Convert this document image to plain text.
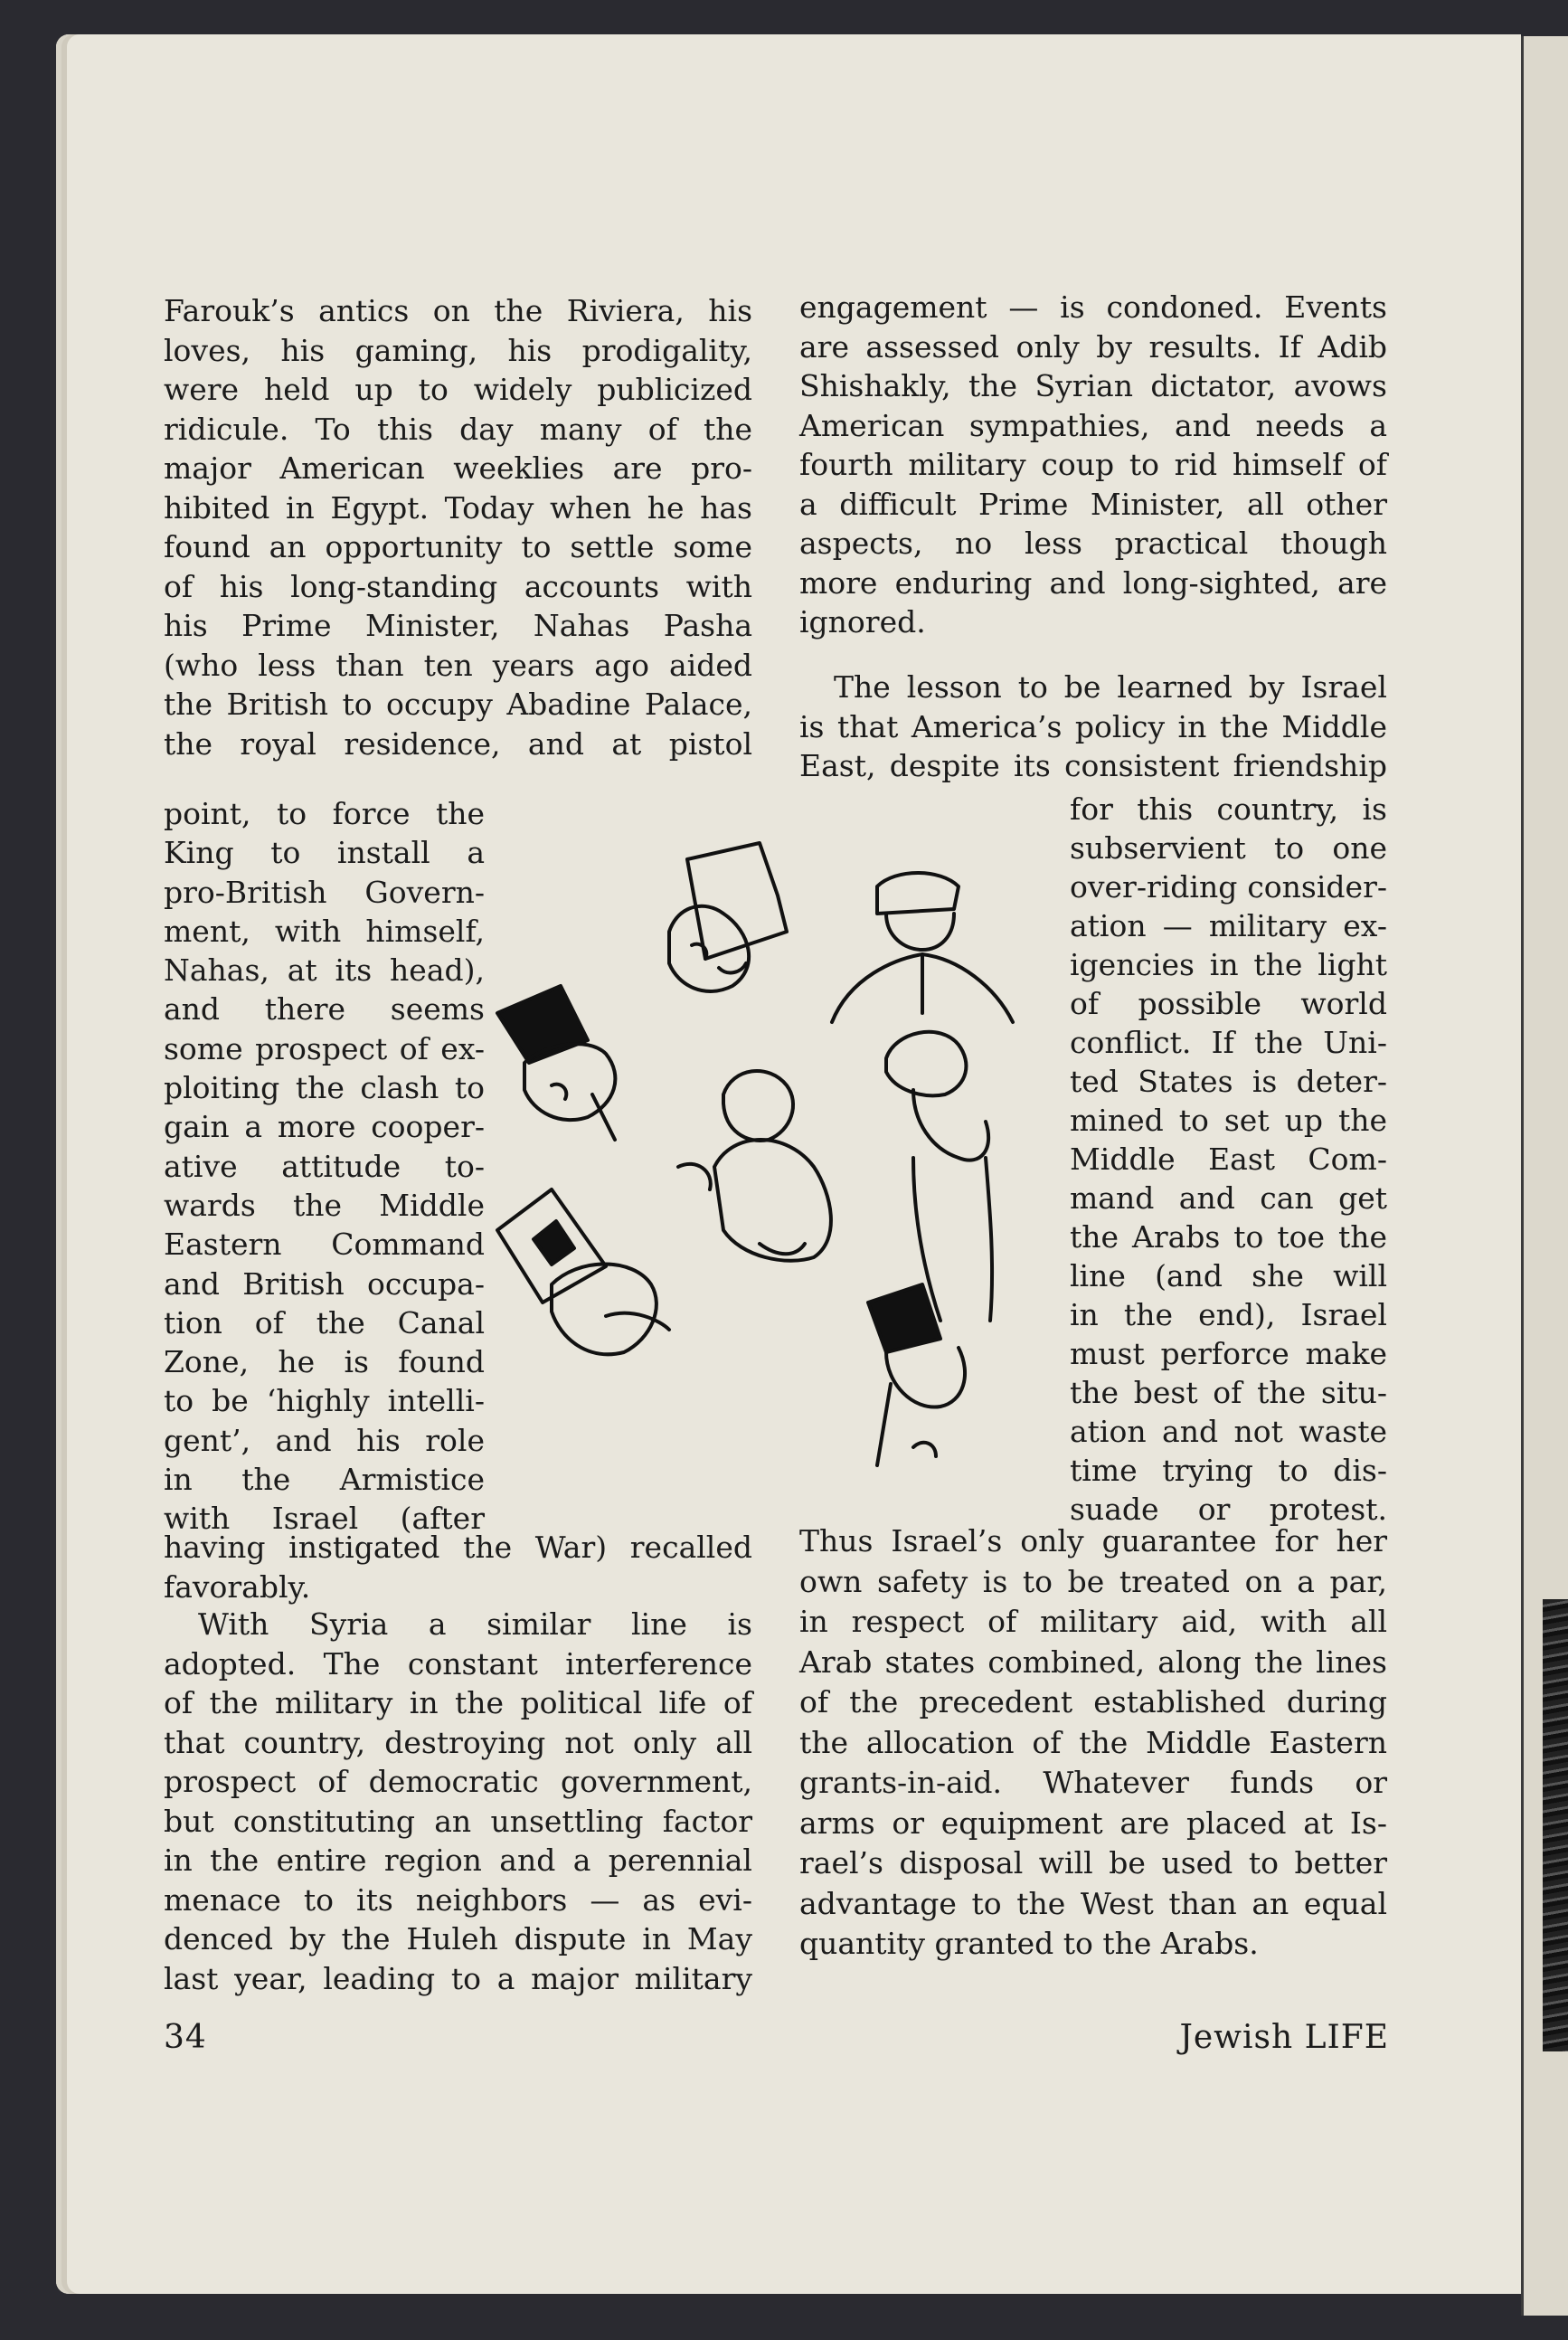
Farouk’s antics on the Riviera, his

loves, his gaming, his prodigality,

were held up to widely publicized

ridicule. To this day many of the

major American weeklies are pro-

hibited in Egypt. Today when he has

found an opportunity to settle some

of his long-standing accounts with

his Prime Minister, Nahas Pasha

(who less than ten years ago aided

the British to occupy Abadine Palace,

the royal residence, and at pistol

point, to force the

King to install a

pro-British Govern-

ment, with himself,

Nahas, at its head),

and there seems

some prospect of ex-

ploiting the clash to

gain a more cooper-

ative attitude to-

wards the Middle

Eastern Command

and British occupa-

tion of the Canal

Zone, he is found

to be ‘highly intelli-

gent’, and his role

in the Armistice

with Israel (after

having instigated the War) recalled

favorably.

With Syria a similar line is

adopted. The constant interference

of the military in the political life of

that country, destroying not only all

prospect of democratic government,

but constituting an unsettling factor

in the entire region and a perennial

menace to its neighbors — as evi-

denced by the Huleh dispute in May

last year, leading to a major military

engagement — is condoned. Events

are assessed only by results. If Adib

Shishakly, the Syrian dictator, avows

American sympathies, and needs a

fourth military coup to rid himself of

a difficult Prime Minister, all other

aspects, no less practical though

more enduring and long-sighted, are

ignored.

The lesson to be learned by Israel

is that America’s policy in the Middle

East, despite its consistent friendship

for this country, is

subservient to one

over-riding consider-

ation — military ex-

igencies in the light

of possible world

conflict. If the Uni-

ted States is deter-

mined to set up the

Middle East Com-

mand and can get

the Arabs to toe the

line (and she will

in the end), Israel

must perforce make

the best of the situ-

ation and not waste

time trying to dis-

suade or protest.

Thus Israel’s only guarantee for her

own safety is to be treated on a par,

in respect of military aid, with all

Arab states combined, along the lines

of the precedent established during

the allocation of the Middle Eastern

grants-in-aid. Whatever funds or

arms or equipment are placed at Is-

rael’s disposal will be used to better

advantage to the West than an equal

quantity granted to the Arabs.

34	Jewish LIFE
